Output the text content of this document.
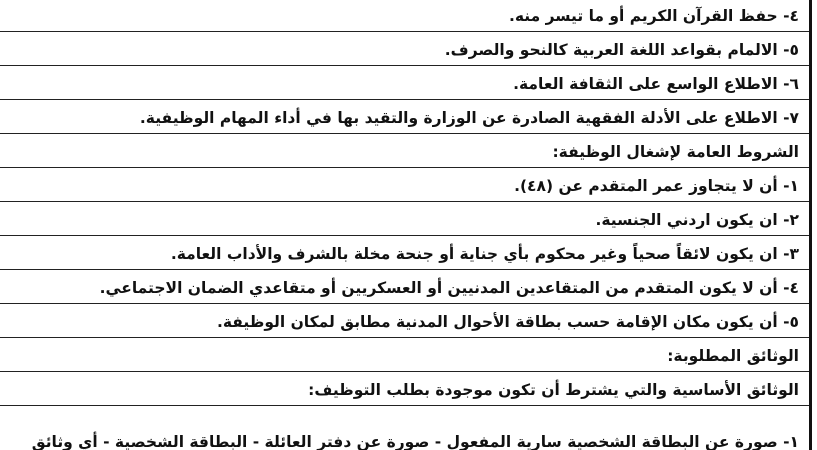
٤- حفظ القرآن الكريم أو ما تيسر منه.
٥- الالمام بقواعد اللغة العربية كالنحو والصرف.
٦- الاطلاع الواسع على الثقافة العامة.
٧- الاطلاع على الأدلة الفقهية الصادرة عن الوزارة والتقيد بها في أداء المهام الوظيفية.
الشروط العامة لإشغال الوظيفة:
١- أن لا يتجاوز عمر المتقدم عن (٤٨).
٢- ان يكون اردني الجنسية.
٣- ان يكون لائقاً صحياً وغير محكوم بأي جناية أو جنحة مخلة بالشرف والأداب العامة.
٤- أن لا يكون المتقدم من المتقاعدين المدنيين أو العسكريين أو متقاعدي الضمان الاجتماعي.
٥- أن يكون مكان الإقامة حسب بطاقة الأحوال المدنية مطابق لمكان الوظيفة.
الوثائق المطلوبة:
الوثائق الأساسية والتي يشترط أن تكون موجودة بطلب التوظيف:
١- صورة عن البطاقة الشخصية سارية المفعول - صورة عن دفتر العائلة - البطاقة الشخصية - أي وثائق
